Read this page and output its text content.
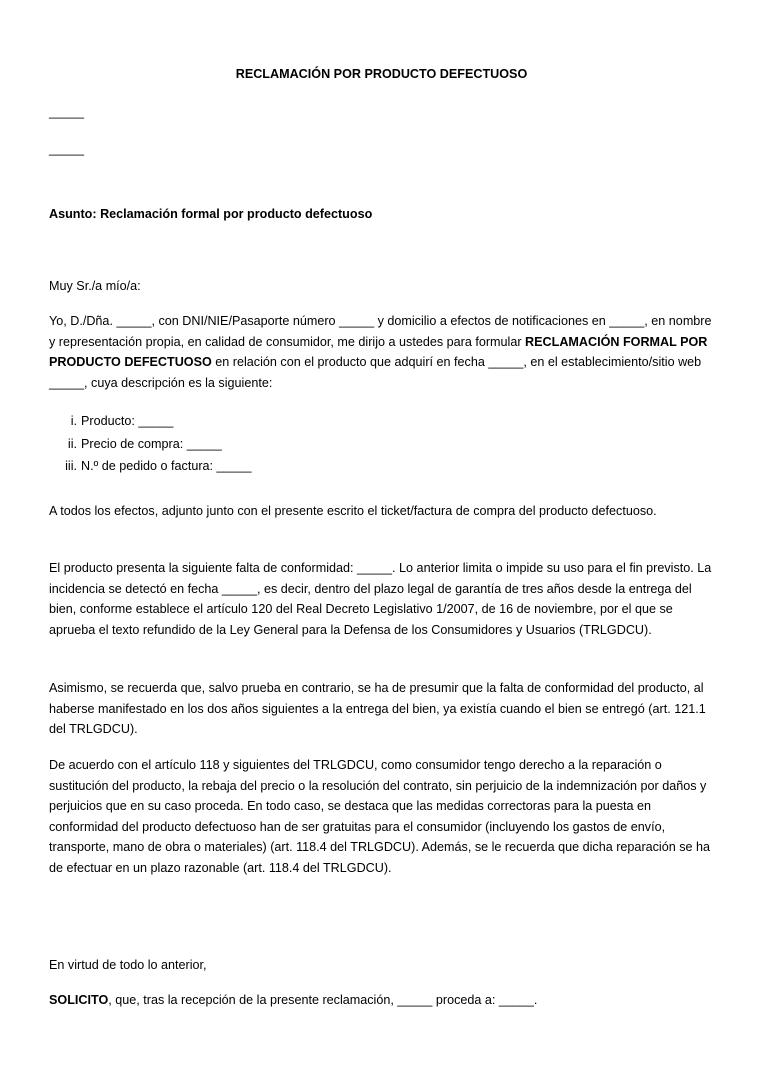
RECLAMACIÓN POR PRODUCTO DEFECTUOSO
_____
_____

Asunto: Reclamación formal por producto defectuoso

Muy Sr./a mío/a:

Yo, D./Dña. _____, con DNI/NIE/Pasaporte número _____ y domicilio a efectos de notificaciones en _____, en nombre y representación propia, en calidad de consumidor, me dirijo a ustedes para formular RECLAMACIÓN FORMAL POR PRODUCTO DEFECTUOSO en relación con el producto que adquirí en fecha _____, en el establecimiento/sitio web _____, cuya descripción es la siguiente:

i. Producto: _____
ii. Precio de compra: _____
iii. N.º de pedido o factura: _____

A todos los efectos, adjunto junto con el presente escrito el ticket/factura de compra del producto defectuoso.

El producto presenta la siguiente falta de conformidad: _____. Lo anterior limita o impide su uso para el fin previsto. La incidencia se detectó en fecha _____, es decir, dentro del plazo legal de garantía de tres años desde la entrega del bien, conforme establece el artículo 120 del Real Decreto Legislativo 1/2007, de 16 de noviembre, por el que se aprueba el texto refundido de la Ley General para la Defensa de los Consumidores y Usuarios (TRLGDCU).

Asimismo, se recuerda que, salvo prueba en contrario, se ha de presumir que la falta de conformidad del producto, al haberse manifestado en los dos años siguientes a la entrega del bien, ya existía cuando el bien se entregó (art. 121.1 del TRLGDCU).

De acuerdo con el artículo 118 y siguientes del TRLGDCU, como consumidor tengo derecho a la reparación o sustitución del producto, la rebaja del precio o la resolución del contrato, sin perjuicio de la indemnización por daños y perjuicios que en su caso proceda. En todo caso, se destaca que las medidas correctoras para la puesta en conformidad del producto defectuoso han de ser gratuitas para el consumidor (incluyendo los gastos de envío, transporte, mano de obra o materiales) (art. 118.4 del TRLGDCU). Además, se le recuerda que dicha reparación se ha de efectuar en un plazo razonable (art. 118.4 del TRLGDCU).

En virtud de todo lo anterior,

SOLICITO, que, tras la recepción de la presente reclamación, _____ proceda a: _____.
